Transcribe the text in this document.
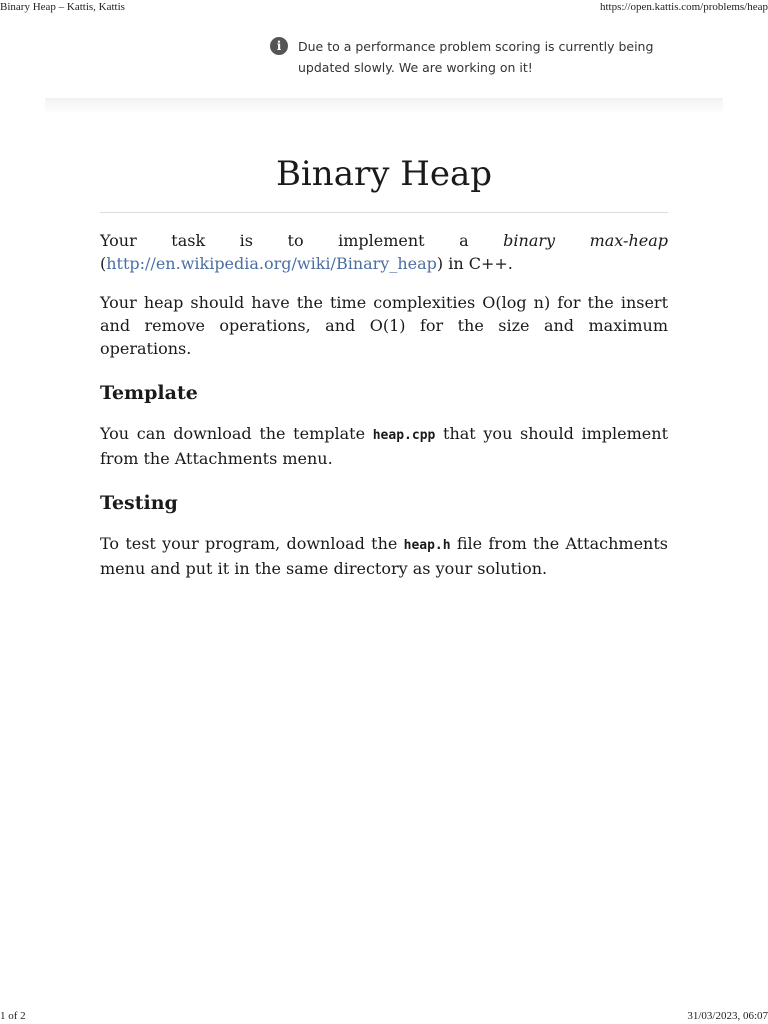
Binary Heap – Kattis, Kattis	https://open.kattis.com/problems/heap
i	Due to a performance problem scoring is currently being updated slowly. We are working on it!
Binary Heap

Your task is to implement a binary max-heap (http://en.wikipedia.org/wiki/Binary_heap) in C++.

Your heap should have the time complexities O(log n) for the insert and remove operations, and O(1) for the size and maximum operations.

Template

You can download the template heap.cpp that you should implement from the Attachments menu.

Testing

To test your program, download the heap.h file from the Attachments menu and put it in the same directory as your solution.

1 of 2	31/03/2023, 06:07
